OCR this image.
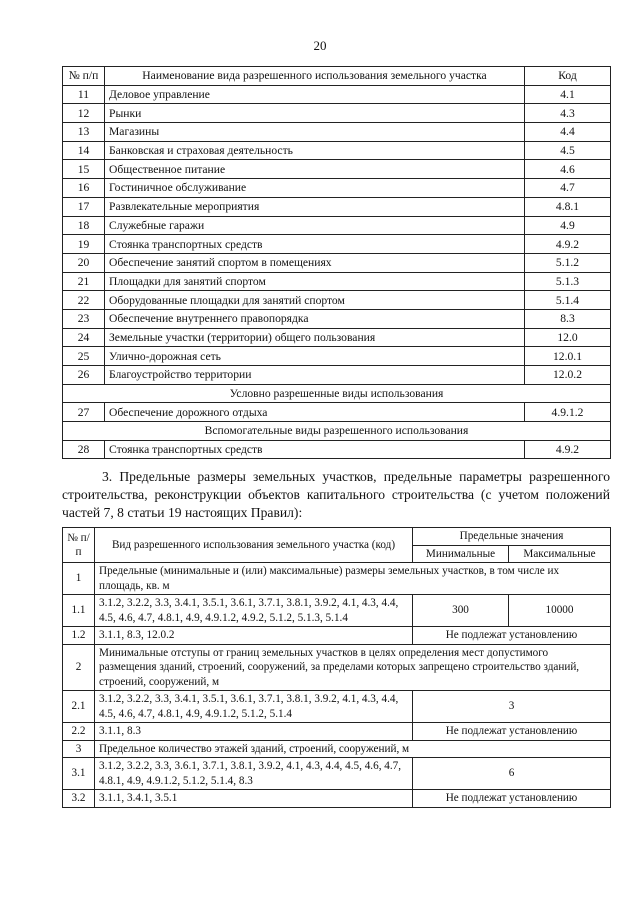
20
№ п/п	Наименование вида разрешенного использования земельного участка	Код
11	Деловое управление	4.1
12	Рынки	4.3
13	Магазины	4.4
14	Банковская и страховая деятельность	4.5
15	Общественное питание	4.6
16	Гостиничное обслуживание	4.7
17	Развлекательные мероприятия	4.8.1
18	Служебные гаражи	4.9
19	Стоянка транспортных средств	4.9.2
20	Обеспечение занятий спортом в помещениях	5.1.2
21	Площадки для занятий спортом	5.1.3
22	Оборудованные площадки для занятий спортом	5.1.4
23	Обеспечение внутреннего правопорядка	8.3
24	Земельные участки (территории) общего пользования	12.0
25	Улично-дорожная сеть	12.0.1
26	Благоустройство территории	12.0.2
Условно разрешенные виды использования		
27	Обеспечение дорожного отдыха	4.9.1.2
Вспомогательные виды разрешенного использования		
28	Стоянка транспортных средств	4.9.2
3. Предельные размеры земельных участков, предельные параметры разрешенного строительства, реконструкции объектов капитального строительства (с учетом положений частей 7, 8 статьи 19 настоящих Правил):
№ п/п	Вид разрешенного использования земельного участка (код)	Предельные значения	
		Минимальные	Максимальные
1	Предельные (минимальные и (или) максимальные) размеры земельных участков, в том числе их площадь, кв. м		
1.1	3.1.2, 3.2.2, 3.3, 3.4.1, 3.5.1, 3.6.1, 3.7.1, 3.8.1, 3.9.2, 4.1, 4.3, 4.4, 4.5, 4.6, 4.7, 4.8.1, 4.9, 4.9.1.2, 4.9.2, 5.1.2, 5.1.3, 5.1.4	300	10000
1.2	3.1.1, 8.3, 12.0.2	Не подлежат установлению	
2	Минимальные отступы от границ земельных участков в целях определения мест допустимого размещения зданий, строений, сооружений, за пределами которых запрещено строительство зданий, строений, сооружений, м		
2.1	3.1.2, 3.2.2, 3.3, 3.4.1, 3.5.1, 3.6.1, 3.7.1, 3.8.1, 3.9.2, 4.1, 4.3, 4.4, 4.5, 4.6, 4.7, 4.8.1, 4.9, 4.9.1.2, 5.1.2, 5.1.4	3	
2.2	3.1.1, 8.3	Не подлежат установлению	
3	Предельное количество этажей зданий, строений, сооружений, м		
3.1	3.1.2, 3.2.2, 3.3, 3.6.1, 3.7.1, 3.8.1, 3.9.2, 4.1, 4.3, 4.4, 4.5, 4.6, 4.7, 4.8.1, 4.9, 4.9.1.2, 5.1.2, 5.1.4, 8.3	6	
3.2	3.1.1, 3.4.1, 3.5.1	Не подлежат установлению	
